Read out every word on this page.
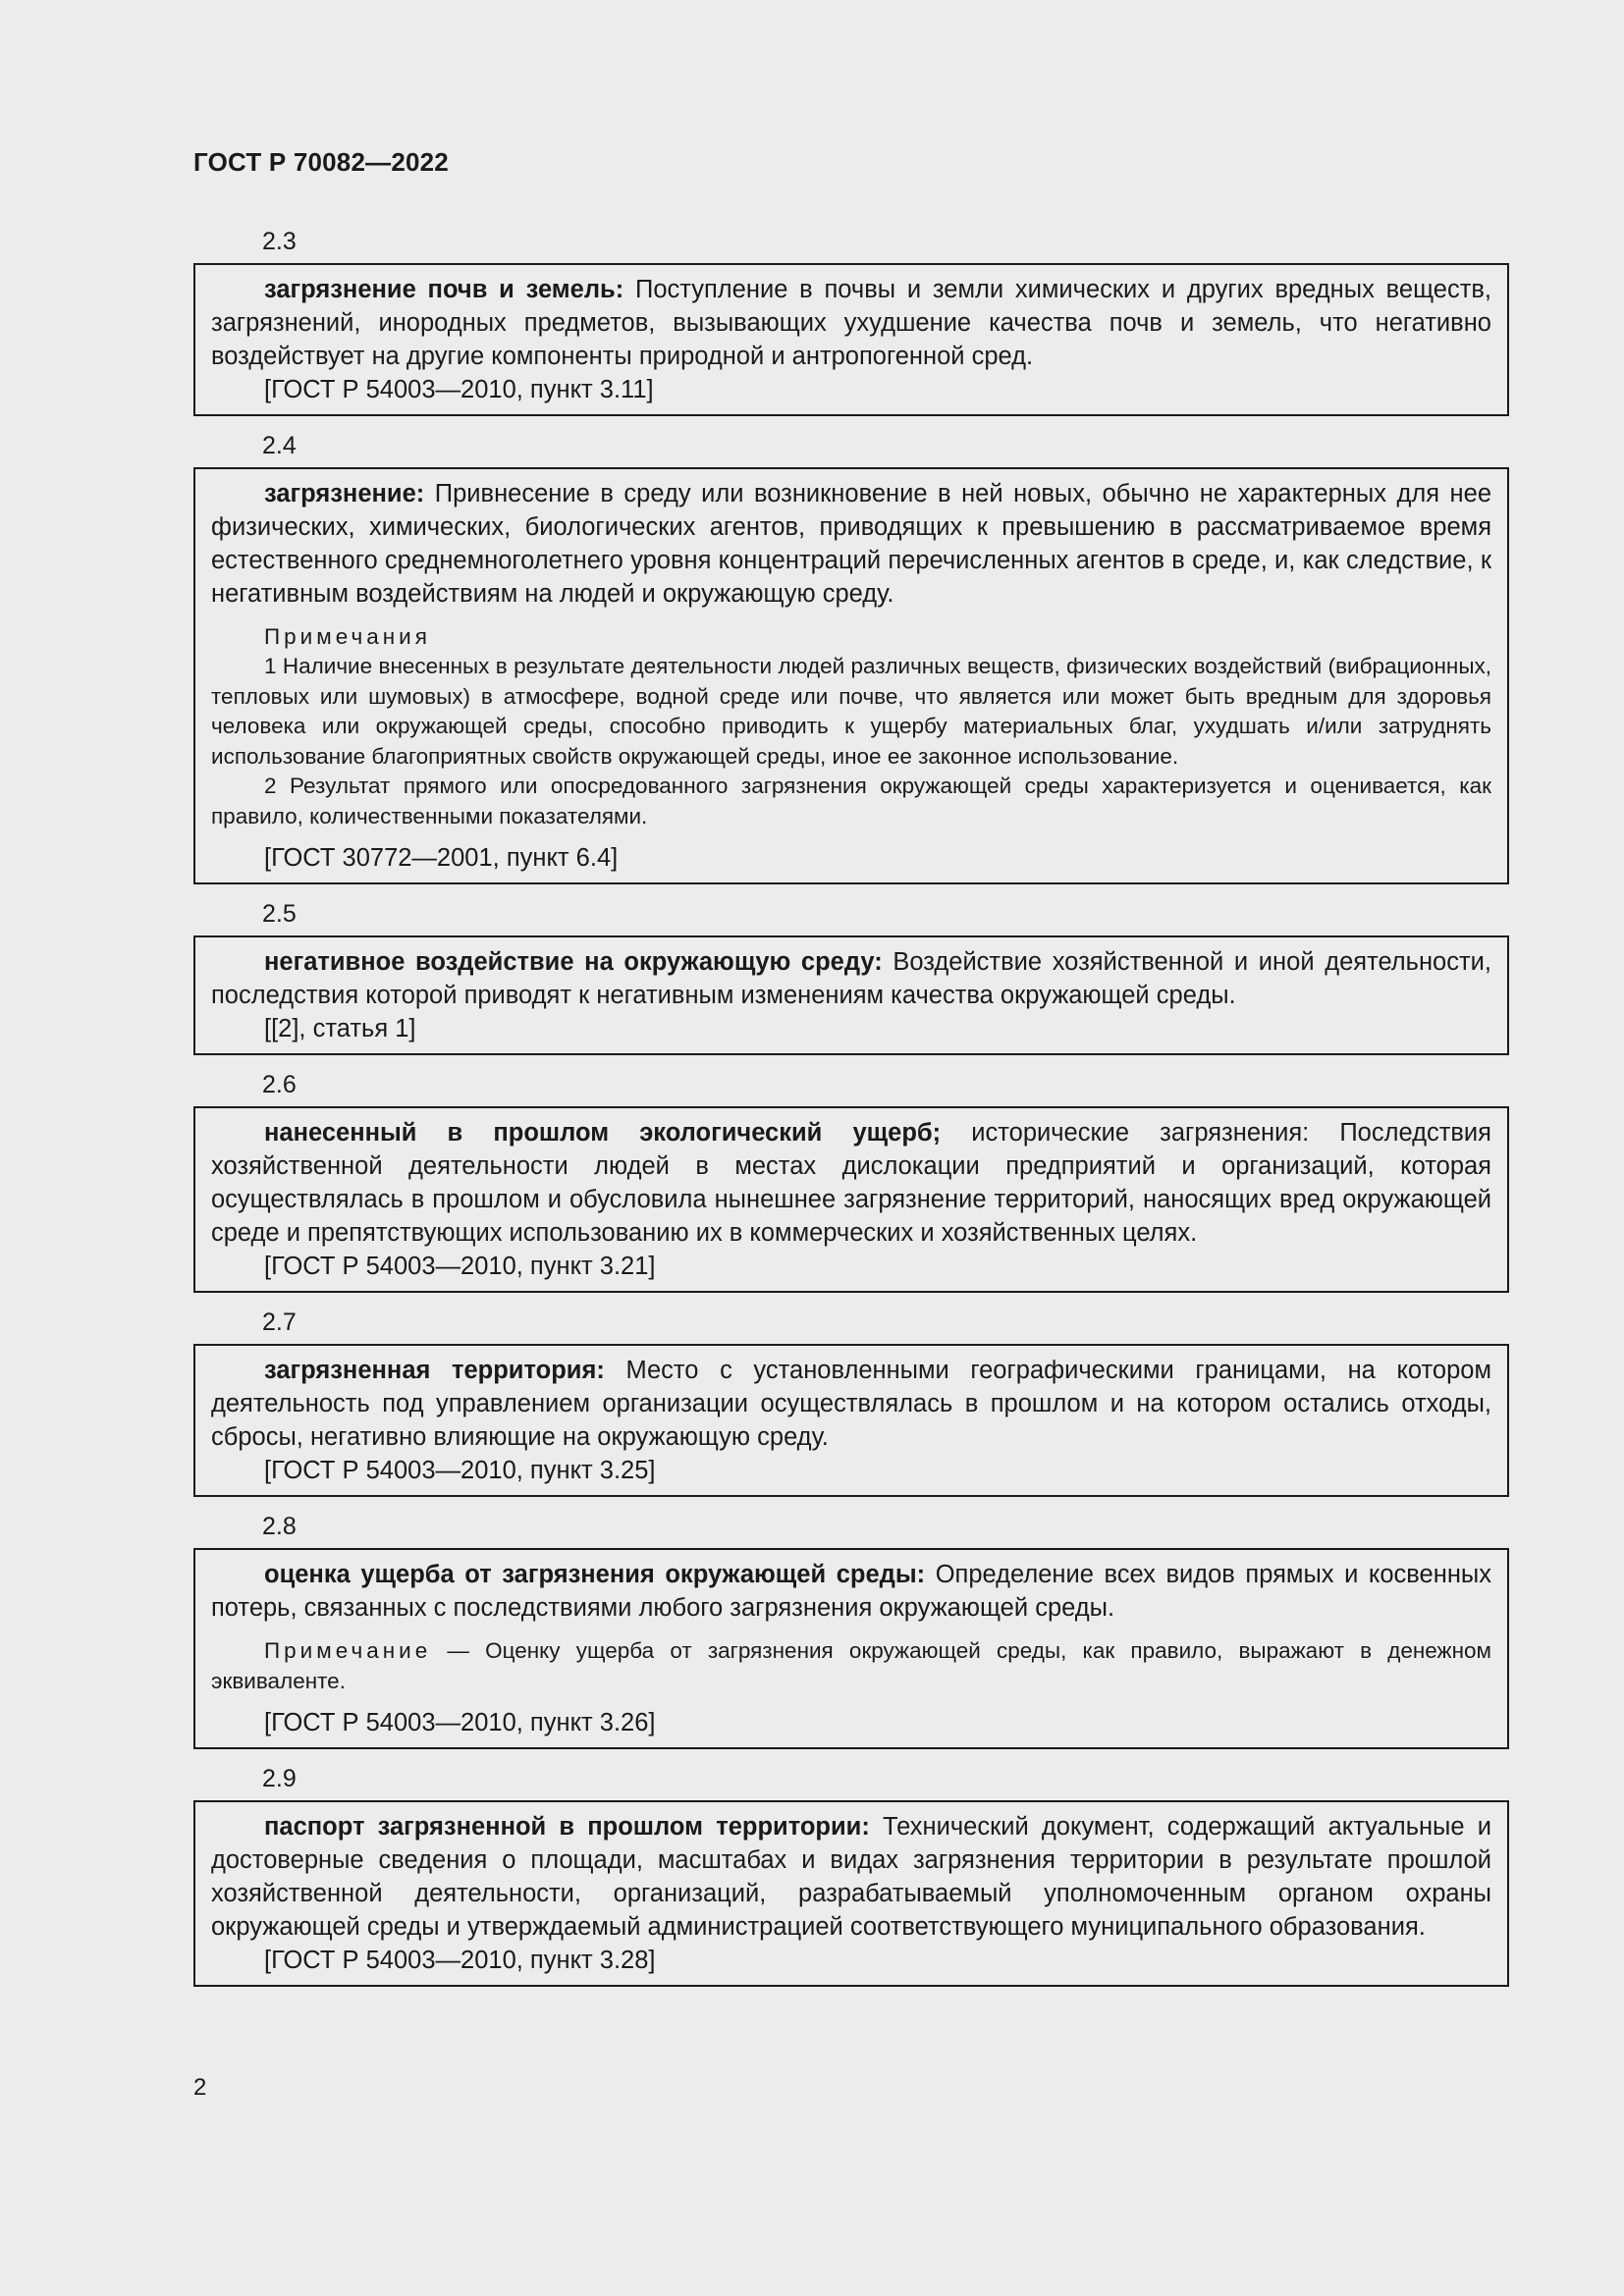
ГОСТ Р 70082—2022
2.3

загрязнение почв и земель: Поступление в почвы и земли химических и других вредных веществ, загрязнений, инородных предметов, вызывающих ухудшение качества почв и земель, что негативно воздействует на другие компоненты природной и антропогенной сред.

[ГОСТ Р 54003—2010, пункт 3.11]

2.4

загрязнение: Привнесение в среду или возникновение в ней новых, обычно не характерных для нее физических, химических, биологических агентов, приводящих к превышению в рассматриваемое время естественного среднемноголетнего уровня концентраций перечисленных агентов в среде, и, как следствие, к негативным воздействиям на людей и окружающую среду.

Примечания

1 Наличие внесенных в результате деятельности людей различных веществ, физических воздействий (вибрационных, тепловых или шумовых) в атмосфере, водной среде или почве, что является или может быть вредным для здоровья человека или окружающей среды, способно приводить к ущербу материальных благ, ухудшать и/или затруднять использование благоприятных свойств окружающей среды, иное ее законное использование.

2 Результат прямого или опосредованного загрязнения окружающей среды характеризуется и оценивается, как правило, количественными показателями.

[ГОСТ 30772—2001, пункт 6.4]

2.5

негативное воздействие на окружающую среду: Воздействие хозяйственной и иной деятельности, последствия которой приводят к негативным изменениям качества окружающей среды.

[[2], статья 1]

2.6

нанесенный в прошлом экологический ущерб; исторические загрязнения: Последствия хозяйственной деятельности людей в местах дислокации предприятий и организаций, которая осуществлялась в прошлом и обусловила нынешнее загрязнение территорий, наносящих вред окружающей среде и препятствующих использованию их в коммерческих и хозяйственных целях.

[ГОСТ Р 54003—2010, пункт 3.21]

2.7

загрязненная территория: Место с установленными географическими границами, на котором деятельность под управлением организации осуществлялась в прошлом и на котором остались отходы, сбросы, негативно влияющие на окружающую среду.

[ГОСТ Р 54003—2010, пункт 3.25]

2.8

оценка ущерба от загрязнения окружающей среды: Определение всех видов прямых и косвенных потерь, связанных с последствиями любого загрязнения окружающей среды.

Примечание — Оценку ущерба от загрязнения окружающей среды, как правило, выражают в денежном эквиваленте.

[ГОСТ Р 54003—2010, пункт 3.26]

2.9

паспорт загрязненной в прошлом территории: Технический документ, содержащий актуальные и достоверные сведения о площади, масштабах и видах загрязнения территории в результате прошлой хозяйственной деятельности, организаций, разрабатываемый уполномоченным органом охраны окружающей среды и утверждаемый администрацией соответствующего муниципального образования.

[ГОСТ Р 54003—2010, пункт 3.28]

2
